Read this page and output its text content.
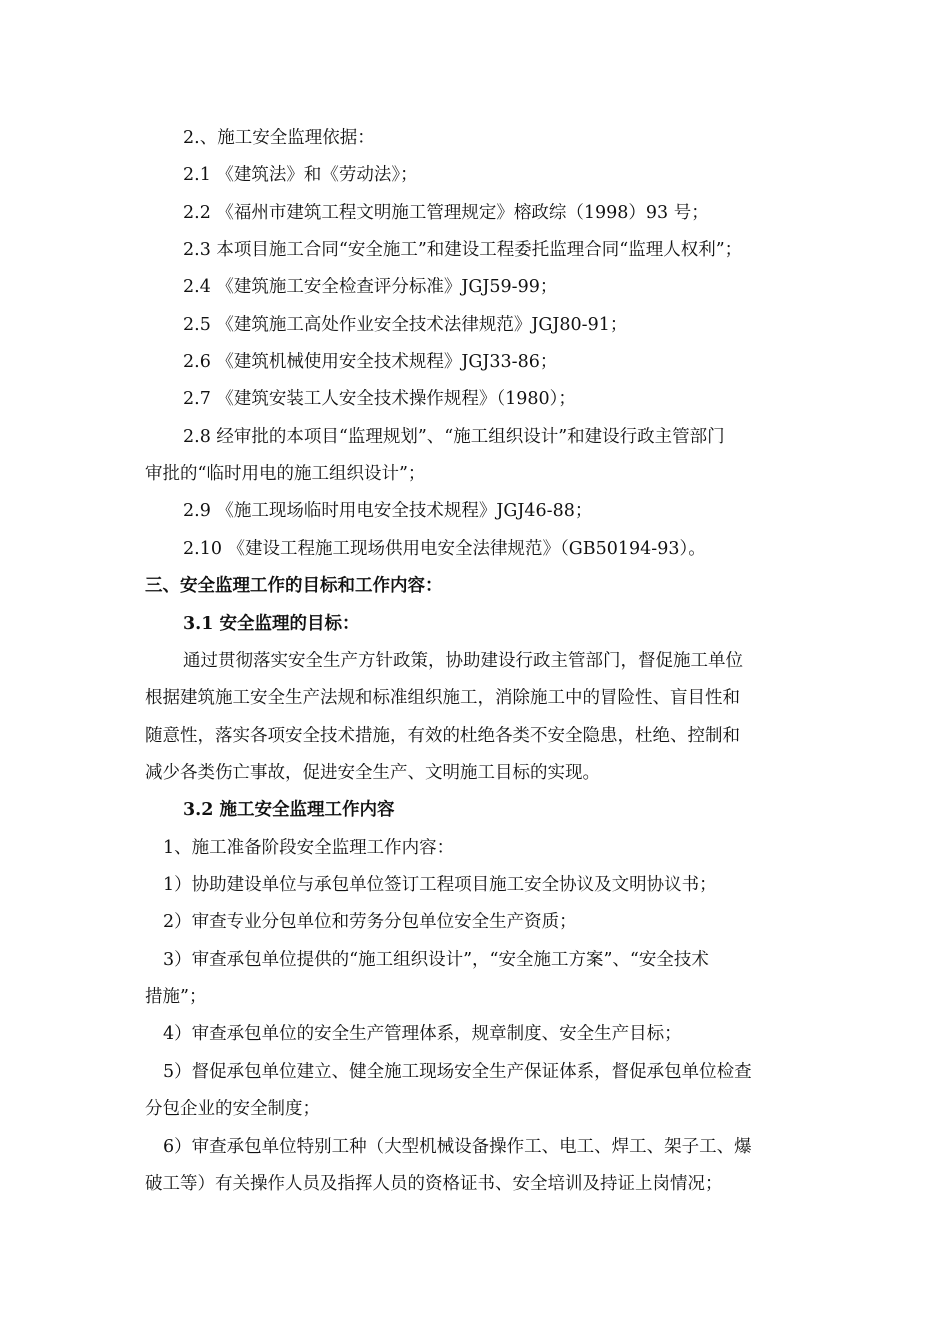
2.、施工安全监理依据：
2.1 《建筑法》和《劳动法》；
2.2 《福州市建筑工程文明施工管理规定》榕政综（1998）93 号；
2.3 本项目施工合同“安全施工”和建设工程委托监理合同“监理人权利”；
2.4 《建筑施工安全检查评分标准》JGJ59-99；
2.5 《建筑施工高处作业安全技术法律规范》JGJ80-91；
2.6 《建筑机械使用安全技术规程》JGJ33-86；
2.7 《建筑安装工人安全技术操作规程》（1980）；
2.8 经审批的本项目“监理规划”、“施工组织设计”和建设行政主管部门
审批的“临时用电的施工组织设计”；
2.9 《施工现场临时用电安全技术规程》JGJ46-88；
2.10 《建设工程施工现场供用电安全法律规范》（GB50194-93）。
三、安全监理工作的目标和工作内容：
3.1 安全监理的目标：
通过贯彻落实安全生产方针政策，协助建设行政主管部门，督促施工单位
根据建筑施工安全生产法规和标准组织施工，消除施工中的冒险性、盲目性和
随意性，落实各项安全技术措施，有效的杜绝各类不安全隐患，杜绝、控制和
减少各类伤亡事故，促进安全生产、文明施工目标的实现。
3.2 施工安全监理工作内容
1、施工准备阶段安全监理工作内容：
1）协助建设单位与承包单位签订工程项目施工安全协议及文明协议书；
2）审查专业分包单位和劳务分包单位安全生产资质；
3）审查承包单位提供的“施工组织设计”，“安全施工方案”、“安全技术
措施”；
4）审查承包单位的安全生产管理体系，规章制度、安全生产目标；
5）督促承包单位建立、健全施工现场安全生产保证体系，督促承包单位检查
分包企业的安全制度；
6）审查承包单位特别工种（大型机械设备操作工、电工、焊工、架子工、爆
破工等）有关操作人员及指挥人员的资格证书、安全培训及持证上岗情况；
